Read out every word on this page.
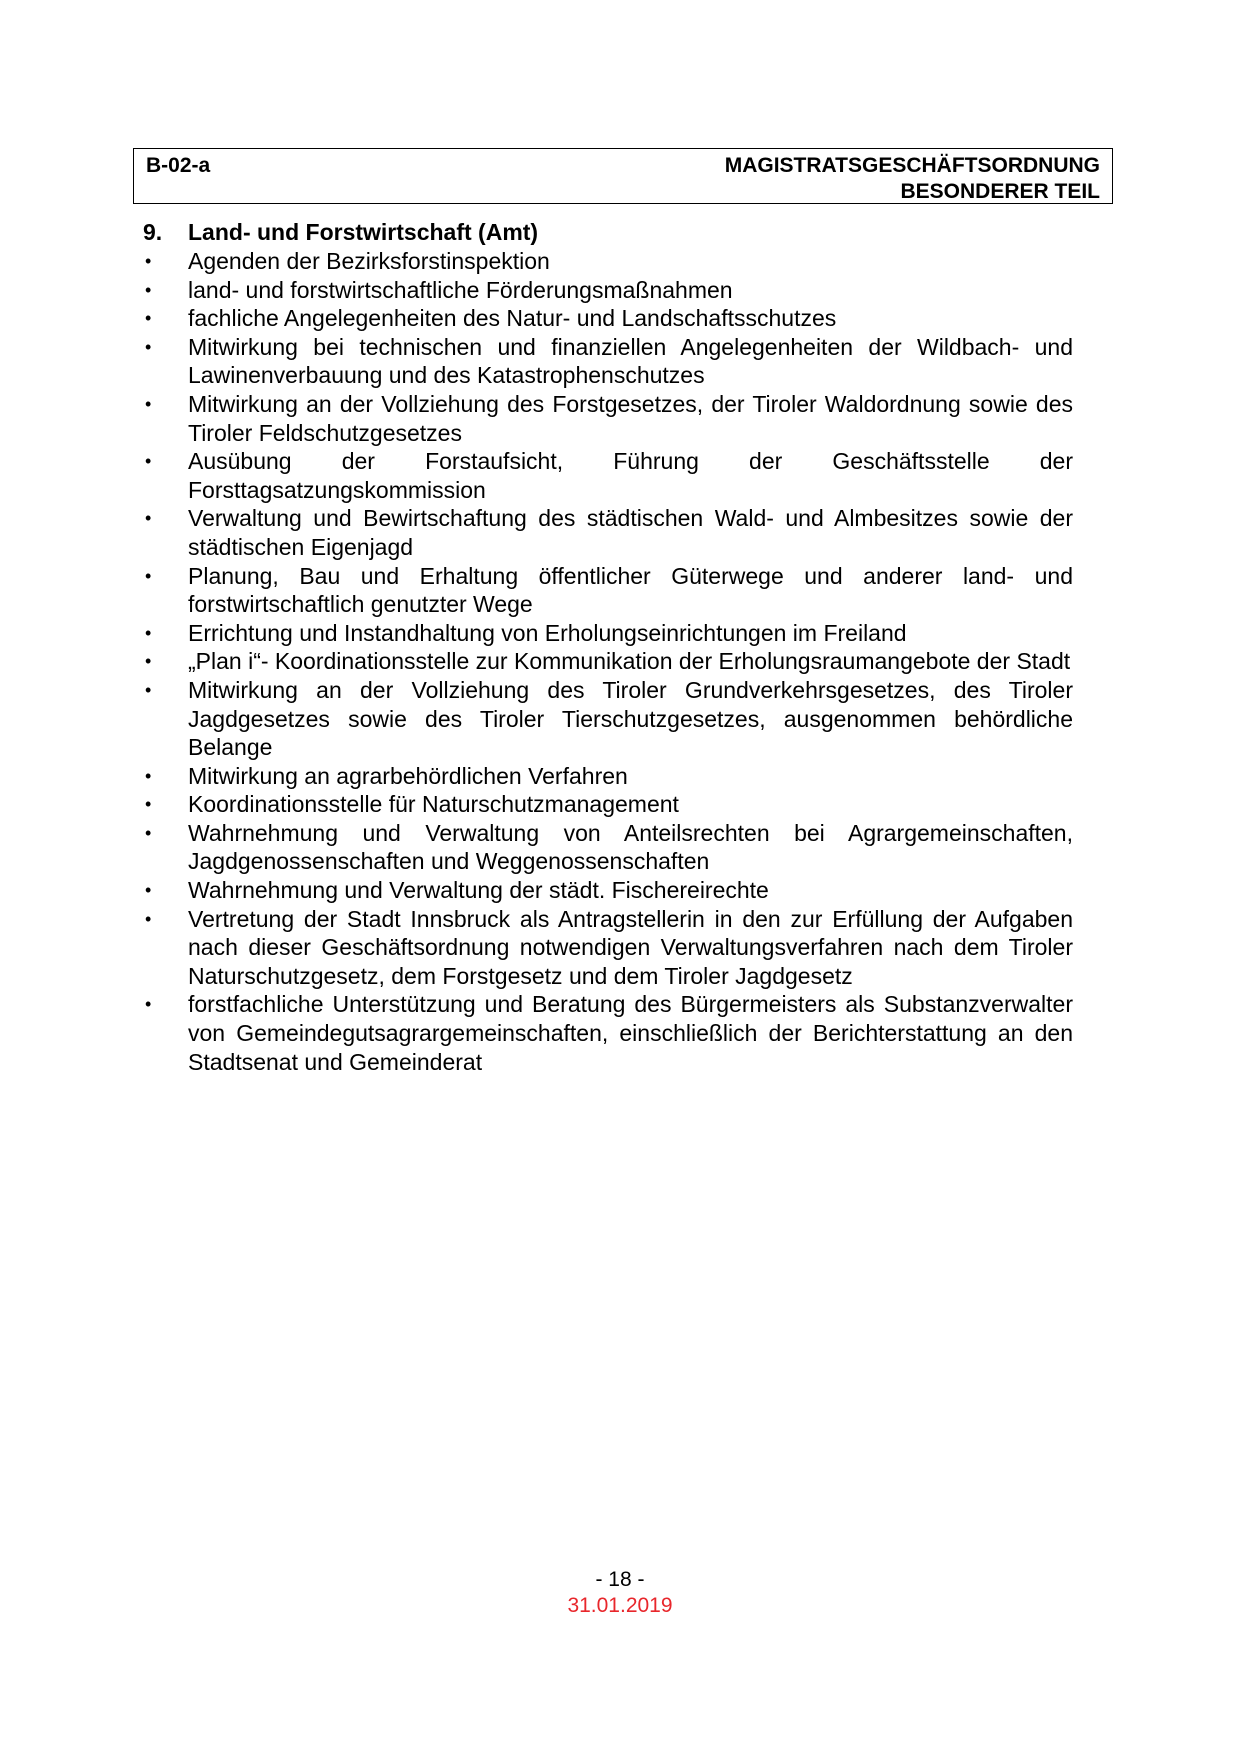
B-02-a	MAGISTRATSGESCHÄFTSORDNUNG
BESONDERER TEIL
9.	Land- und Forstwirtschaft (Amt)
•	Agenden der Bezirksforstinspektion
•	land- und forstwirtschaftliche Förderungsmaßnahmen
•	fachliche Angelegenheiten des Natur- und Landschaftsschutzes
•	Mitwirkung bei technischen und finanziellen Angelegenheiten der Wildbach- und Lawinenverbauung und des Katastrophenschutzes
•	Mitwirkung an der Vollziehung des Forstgesetzes, der Tiroler Waldordnung sowie des Tiroler Feldschutzgesetzes
•	Ausübung der Forstaufsicht, Führung der Geschäftsstelle der Forsttagsatzungskommission
•	Verwaltung und Bewirtschaftung des städtischen Wald- und Almbesitzes sowie der städtischen Eigenjagd
•	Planung, Bau und Erhaltung öffentlicher Güterwege und anderer land- und forstwirtschaftlich genutzter Wege
•	Errichtung und Instandhaltung von Erholungseinrichtungen im Freiland
•	„Plan i“- Koordinationsstelle zur Kommunikation der Erholungsraumangebote der Stadt
•	Mitwirkung an der Vollziehung des Tiroler Grundverkehrsgesetzes, des Tiroler Jagdgesetzes sowie des Tiroler Tierschutzgesetzes, ausgenommen behördliche Belange
•	Mitwirkung an agrarbehördlichen Verfahren
•	Koordinationsstelle für Naturschutzmanagement
•	Wahrnehmung und Verwaltung von Anteilsrechten bei Agrargemeinschaften, Jagdgenossenschaften und Weggenossenschaften
•	Wahrnehmung und Verwaltung der städt. Fischereirechte
•	Vertretung der Stadt Innsbruck als Antragstellerin in den zur Erfüllung der Aufgaben nach dieser Geschäftsordnung notwendigen Verwaltungsverfahren nach dem Tiroler Naturschutzgesetz, dem Forstgesetz und dem Tiroler Jagdgesetz
•	forstfachliche Unterstützung und Beratung des Bürgermeisters als Substanzverwalter von Gemeindegutsagrargemeinschaften, einschließlich der Berichterstattung an den Stadtsenat und Gemeinderat
- 18 -
31.01.2019
